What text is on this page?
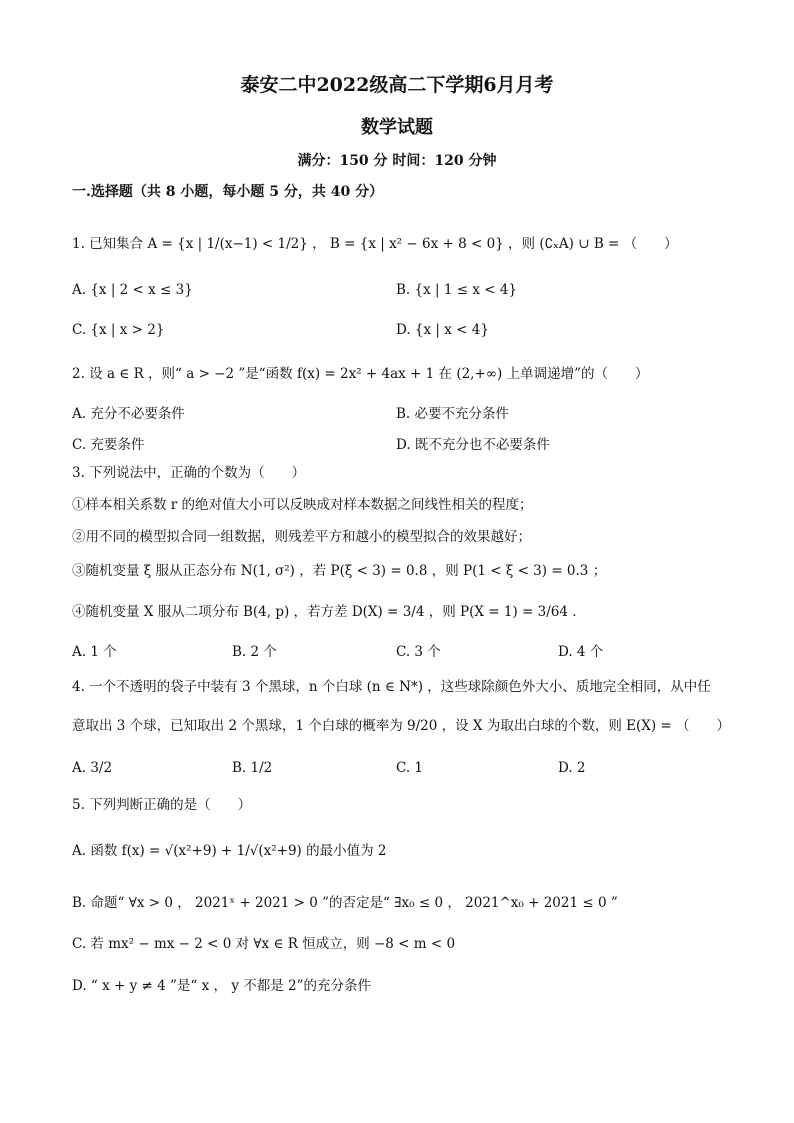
泰安二中2022级高二下学期6月月考
数学试题
满分：150 分 时间：120 分钟
一.选择题（共 8 小题，每小题 5 分，共 40 分）
1. 已知集合 A = {x | 1/(x−1) < 1/2} ， B = {x | x² − 6x + 8 < 0} ，则 (∁ₓA) ∪ B = （　　）
A. {x | 2 < x ≤ 3}	B. {x | 1 ≤ x < 4}
C. {x | x > 2}	D. {x | x < 4}
2. 设 a ∈ R ，则“ a > −2 ”是“函数 f(x) = 2x² + 4ax + 1 在 (2,+∞) 上单调递增”的（　　）
A. 充分不必要条件	B. 必要不充分条件
C. 充要条件	D. 既不充分也不必要条件
3. 下列说法中，正确的个数为（　　）
①样本相关系数 r 的绝对值大小可以反映成对样本数据之间线性相关的程度；
②用不同的模型拟合同一组数据，则残差平方和越小的模型拟合的效果越好；
③随机变量 ξ 服从正态分布 N(1, σ²) ，若 P(ξ < 3) = 0.8 ，则 P(1 < ξ < 3) = 0.3 ；
④随机变量 X 服从二项分布 B(4, p) ，若方差 D(X) = 3/4 ，则 P(X = 1) = 3/64 .
A. 1 个	B. 2 个	C. 3 个	D. 4 个
4. 一个不透明的袋子中装有 3 个黑球，n 个白球 (n ∈ N*) ，这些球除颜色外大小、质地完全相同，从中任
意取出 3 个球，已知取出 2 个黑球，1 个白球的概率为 9/20 ，设 X 为取出白球的个数，则 E(X) = （　　）
A. 3/2	B. 1/2	C. 1	D. 2
5. 下列判断正确的是（　　）
A. 函数 f(x) = √(x²+9) + 1/√(x²+9) 的最小值为 2
B. 命题“ ∀x > 0 ， 2021ˣ + 2021 > 0 ”的否定是“ ∃x₀ ≤ 0 ， 2021^x₀ + 2021 ≤ 0 ”
C. 若 mx² − mx − 2 < 0 对 ∀x ∈ R 恒成立，则 −8 < m < 0
D. “ x + y ≠ 4 ”是“ x ， y 不都是 2”的充分条件
